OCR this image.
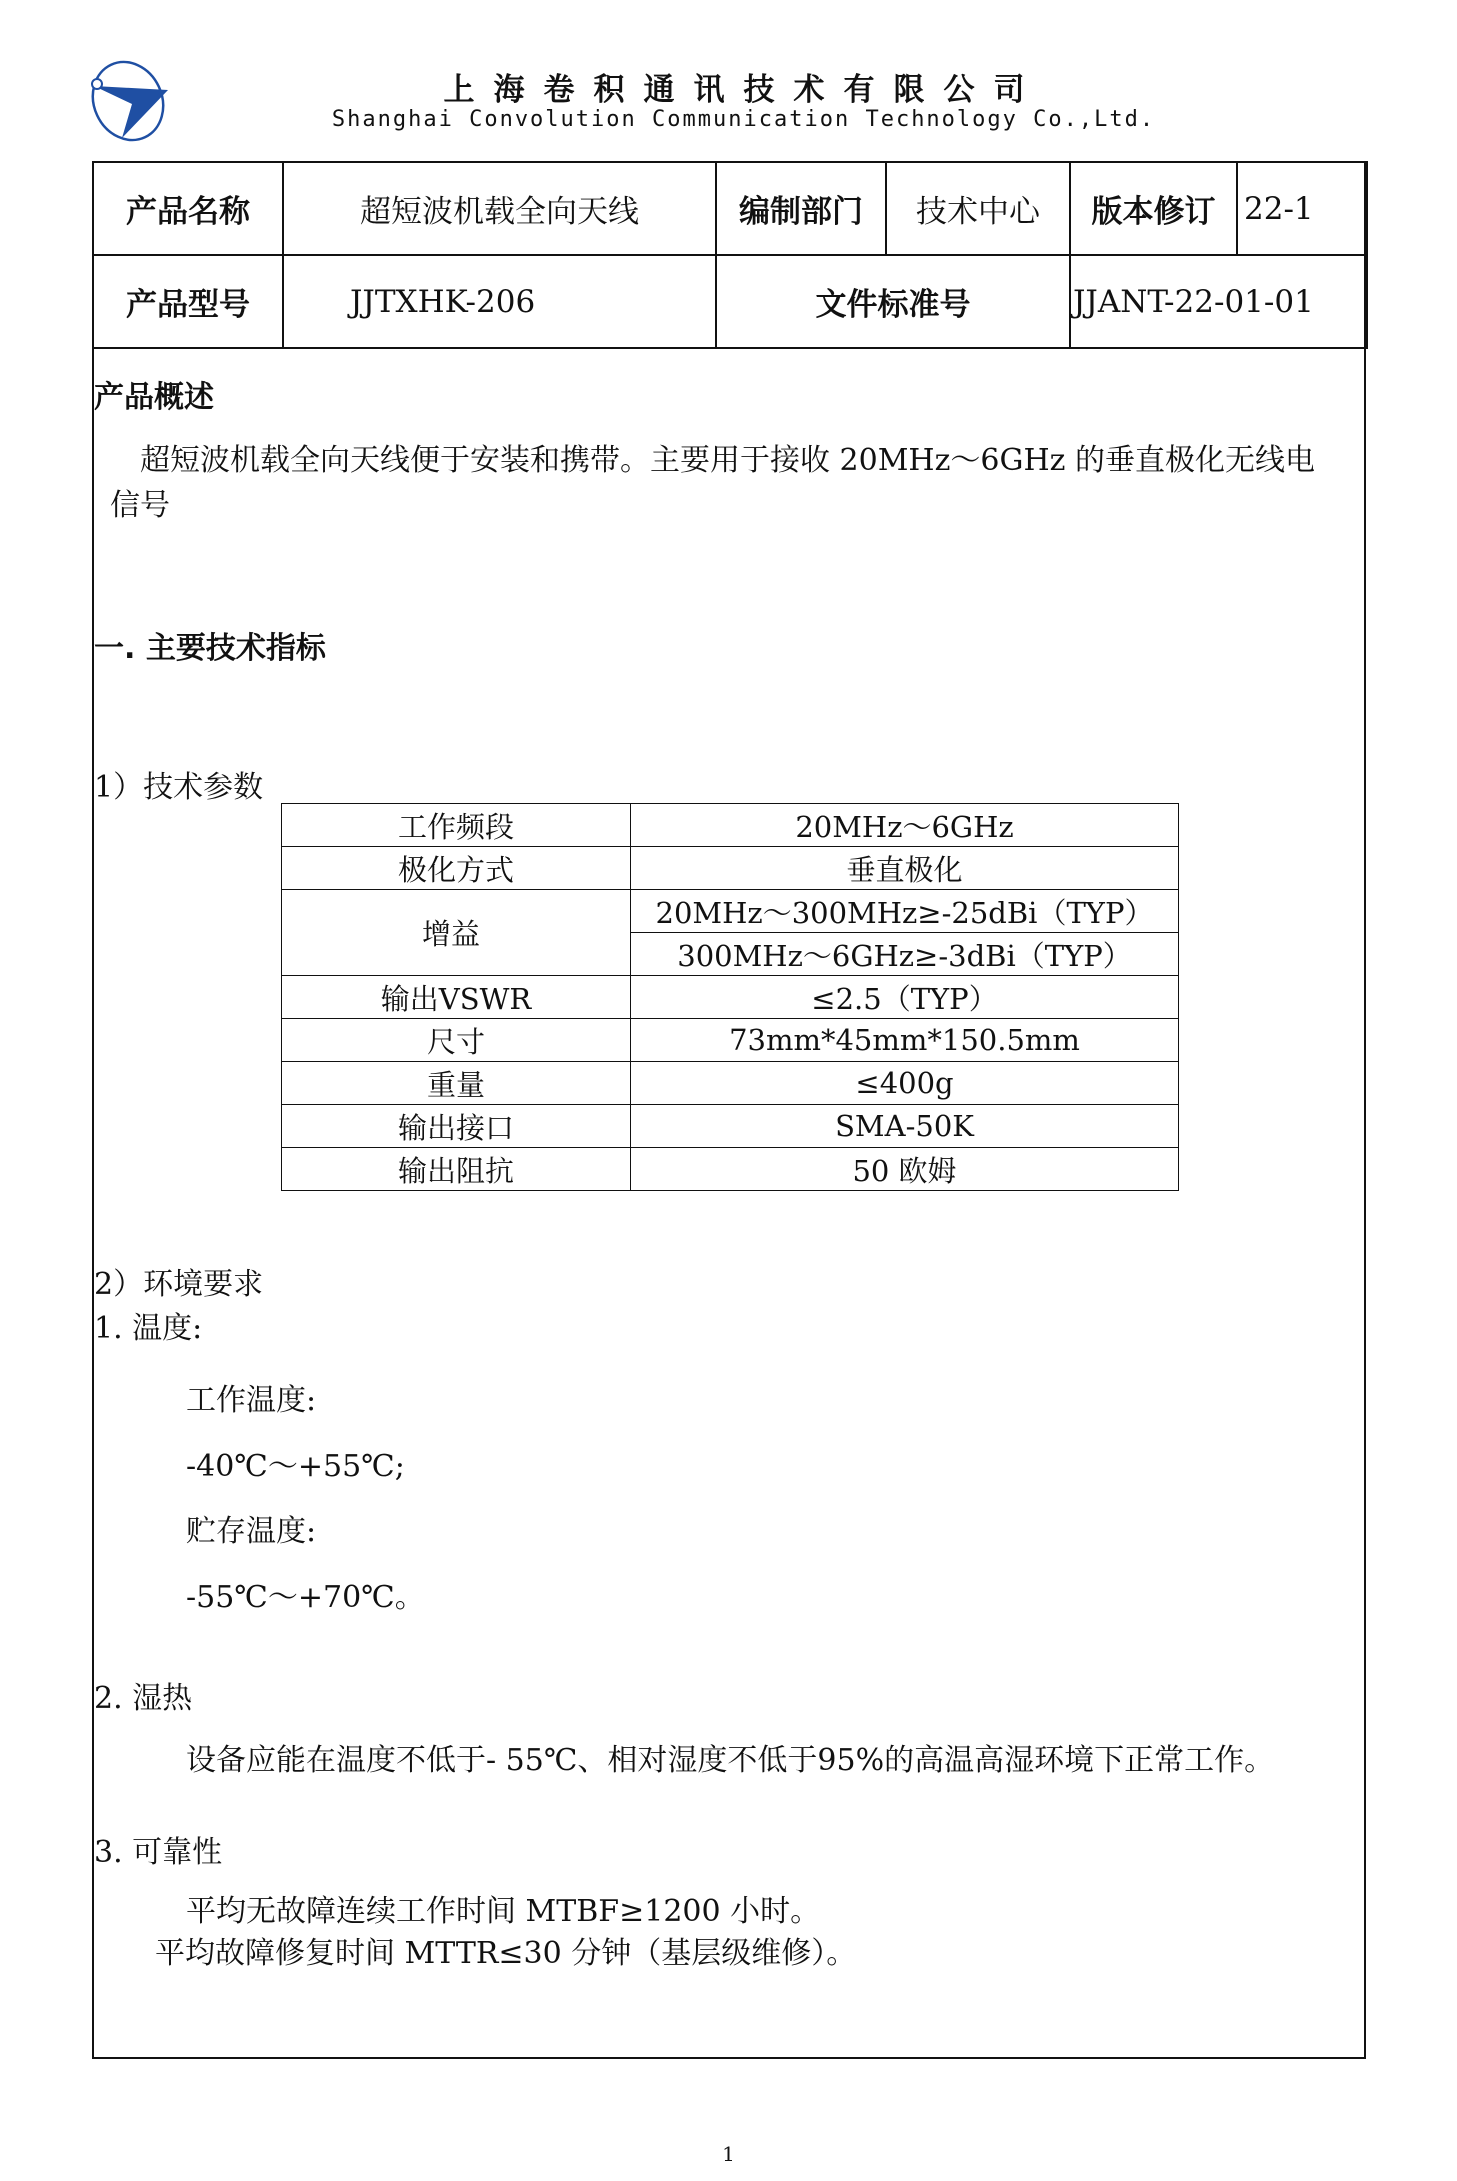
上海卷积通讯技术有限公司
Shanghai Convolution Communication Technology Co.,Ltd.
产品名称	超短波机载全向天线	编制部门	技术中心	版本修订	22-1
产品型号	JJTXHK-206	文件标准号		JJANT-22-01-01	
产品概述
超短波机载全向天线便于安装和携带。主要用于接收 20MHz～6GHz 的垂直极化无线电
信号
一. 主要技术指标
1）技术参数
工作频段	20MHz～6GHz
极化方式	垂直极化
增益	20MHz～300MHz≥-25dBi（TYP）
	300MHz～6GHz≥-3dBi（TYP）
输出VSWR	≤2.5（TYP）
尺寸	73mm*45mm*150.5mm
重量	≤400g
输出接口	SMA-50K
输出阻抗	50 欧姆
2）环境要求
1. 温度:
工作温度:
-40℃～+55℃;
贮存温度:
-55℃～+70℃。
2. 湿热
设备应能在温度不低于- 55℃、相对湿度不低于95%的高温高湿环境下正常工作。
3. 可靠性
平均无故障连续工作时间 MTBF≥1200 小时。
平均故障修复时间 MTTR≤30 分钟（基层级维修）。
1
